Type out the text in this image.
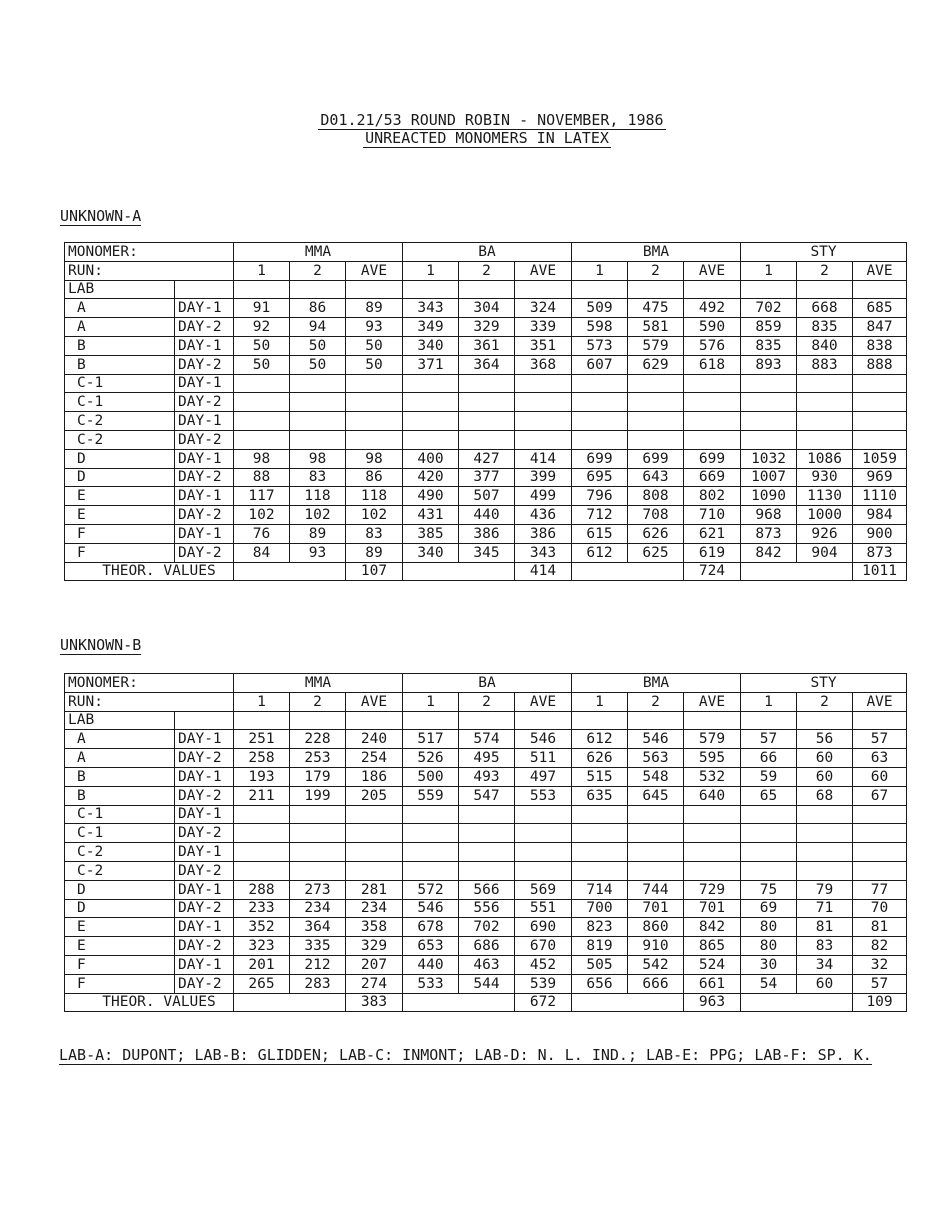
D01.21/53 ROUND ROBIN - NOVEMBER, 1986
UNREACTED MONOMERS IN LATEX
UNKNOWN-A
MONOMER:		MMA			BA			BMA			STY		
RUN:		1	2	AVE	1	2	AVE	1	2	AVE	1	2	AVE
LAB													
A	DAY-1	91	86	89	343	304	324	509	475	492	702	668	685
A	DAY-2	92	94	93	349	329	339	598	581	590	859	835	847
B	DAY-1	50	50	50	340	361	351	573	579	576	835	840	838
B	DAY-2	50	50	50	371	364	368	607	629	618	893	883	888
C-1	DAY-1												
C-1	DAY-2												
C-2	DAY-1												
C-2	DAY-2												
D	DAY-1	98	98	98	400	427	414	699	699	699	1032	1086	1059
D	DAY-2	88	83	86	420	377	399	695	643	669	1007	930	969
E	DAY-1	117	118	118	490	507	499	796	808	802	1090	1130	1110
E	DAY-2	102	102	102	431	440	436	712	708	710	968	1000	984
F	DAY-1	76	89	83	385	386	386	615	626	621	873	926	900
F	DAY-2	84	93	89	340	345	343	612	625	619	842	904	873
THEOR. VALUES				107			414			724			1011
UNKNOWN-B
MONOMER:		MMA			BA			BMA			STY		
RUN:		1	2	AVE	1	2	AVE	1	2	AVE	1	2	AVE
LAB													
A	DAY-1	251	228	240	517	574	546	612	546	579	57	56	57
A	DAY-2	258	253	254	526	495	511	626	563	595	66	60	63
B	DAY-1	193	179	186	500	493	497	515	548	532	59	60	60
B	DAY-2	211	199	205	559	547	553	635	645	640	65	68	67
C-1	DAY-1												
C-1	DAY-2												
C-2	DAY-1												
C-2	DAY-2												
D	DAY-1	288	273	281	572	566	569	714	744	729	75	79	77
D	DAY-2	233	234	234	546	556	551	700	701	701	69	71	70
E	DAY-1	352	364	358	678	702	690	823	860	842	80	81	81
E	DAY-2	323	335	329	653	686	670	819	910	865	80	83	82
F	DAY-1	201	212	207	440	463	452	505	542	524	30	34	32
F	DAY-2	265	283	274	533	544	539	656	666	661	54	60	57
THEOR. VALUES				383			672			963			109
LAB-A: DUPONT; LAB-B: GLIDDEN; LAB-C: INMONT; LAB-D: N. L. IND.; LAB-E: PPG; LAB-F: SP. K.
